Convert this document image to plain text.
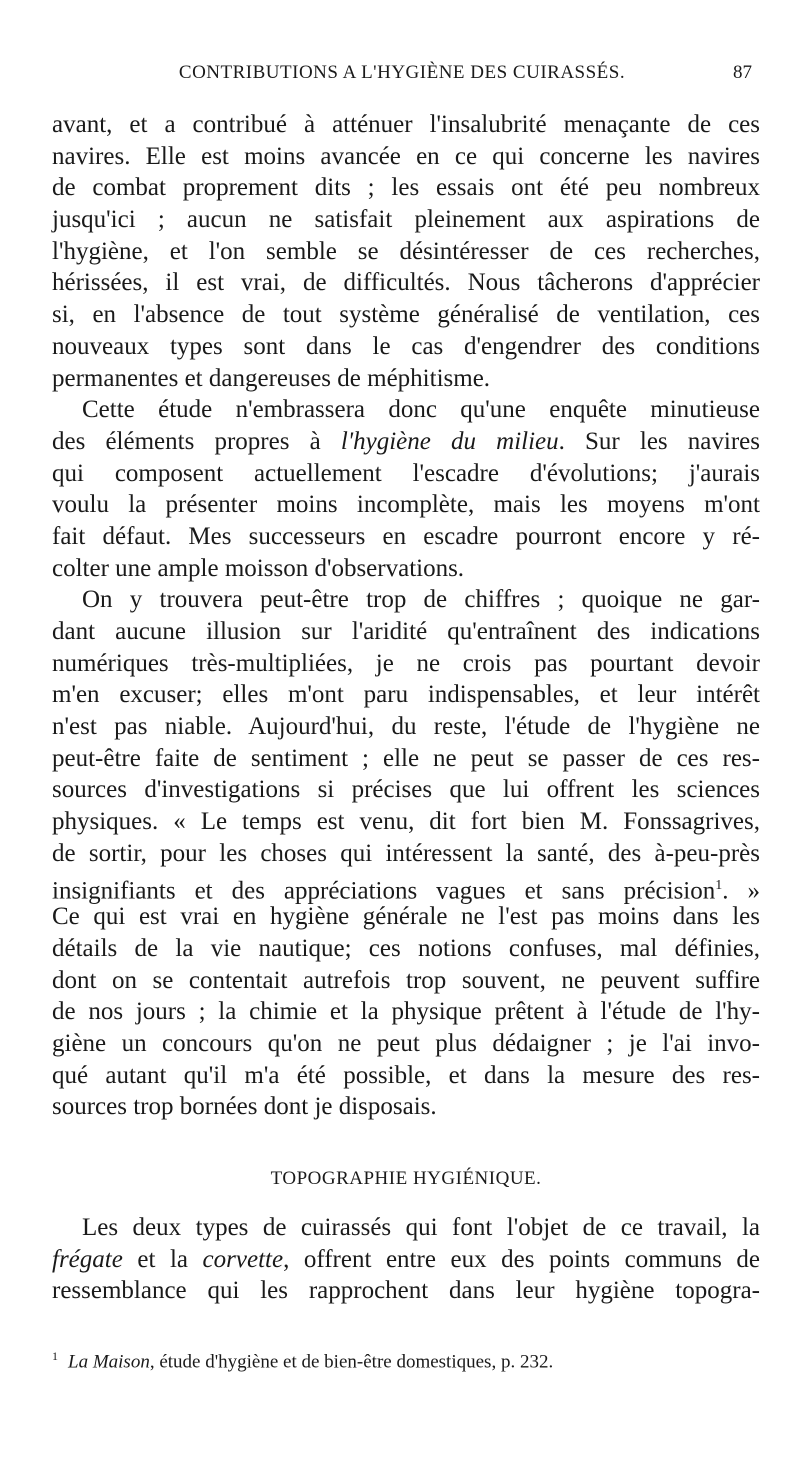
CONTRIBUTIONS A L'HYGIÈNE DES CUIRASSÉS.	87
avant, et a contribué à atténuer l'insalubrité menaçante de ces
navires. Elle est moins avancée en ce qui concerne les navires
de combat proprement dits ; les essais ont été peu nombreux
jusqu'ici ; aucun ne satisfait pleinement aux aspirations de
l'hygiène, et l'on semble se désintéresser de ces recherches,
hérissées, il est vrai, de difficultés. Nous tâcherons d'apprécier
si, en l'absence de tout système généralisé de ventilation, ces
nouveaux types sont dans le cas d'engendrer des conditions
permanentes et dangereuses de méphitisme.
Cette étude n'embrassera donc qu'une enquête minutieuse
des éléments propres à l'hygiène du milieu. Sur les navires
qui composent actuellement l'escadre d'évolutions; j'aurais
voulu la présenter moins incomplète, mais les moyens m'ont
fait défaut. Mes successeurs en escadre pourront encore y ré-
colter une ample moisson d'observations.
On y trouvera peut-être trop de chiffres ; quoique ne gar-
dant aucune illusion sur l'aridité qu'entraînent des indications
numériques très-multipliées, je ne crois pas pourtant devoir
m'en excuser; elles m'ont paru indispensables, et leur intérêt
n'est pas niable. Aujourd'hui, du reste, l'étude de l'hygiène ne
peut-être faite de sentiment ; elle ne peut se passer de ces res-
sources d'investigations si précises que lui offrent les sciences
physiques. « Le temps est venu, dit fort bien M. Fonssagrives,
de sortir, pour les choses qui intéressent la santé, des à-peu-près
insignifiants et des appréciations vagues et sans précision$^1$. »
Ce qui est vrai en hygiène générale ne l'est pas moins dans les
détails de la vie nautique; ces notions confuses, mal définies,
dont on se contentait autrefois trop souvent, ne peuvent suffire
de nos jours ; la chimie et la physique prêtent à l'étude de l'hy-
giène un concours qu'on ne peut plus dédaigner ; je l'ai invo-
qué autant qu'il m'a été possible, et dans la mesure des res-
sources trop bornées dont je disposais.
TOPOGRAPHIE HYGIÉNIQUE.
Les deux types de cuirassés qui font l'objet de ce travail, la
frégate et la corvette, offrent entre eux des points communs de
ressemblance qui les rapprochent dans leur hygiène topogra-
$^1$ La Maison, étude d'hygiène et de bien-être domestiques, p. 232.
